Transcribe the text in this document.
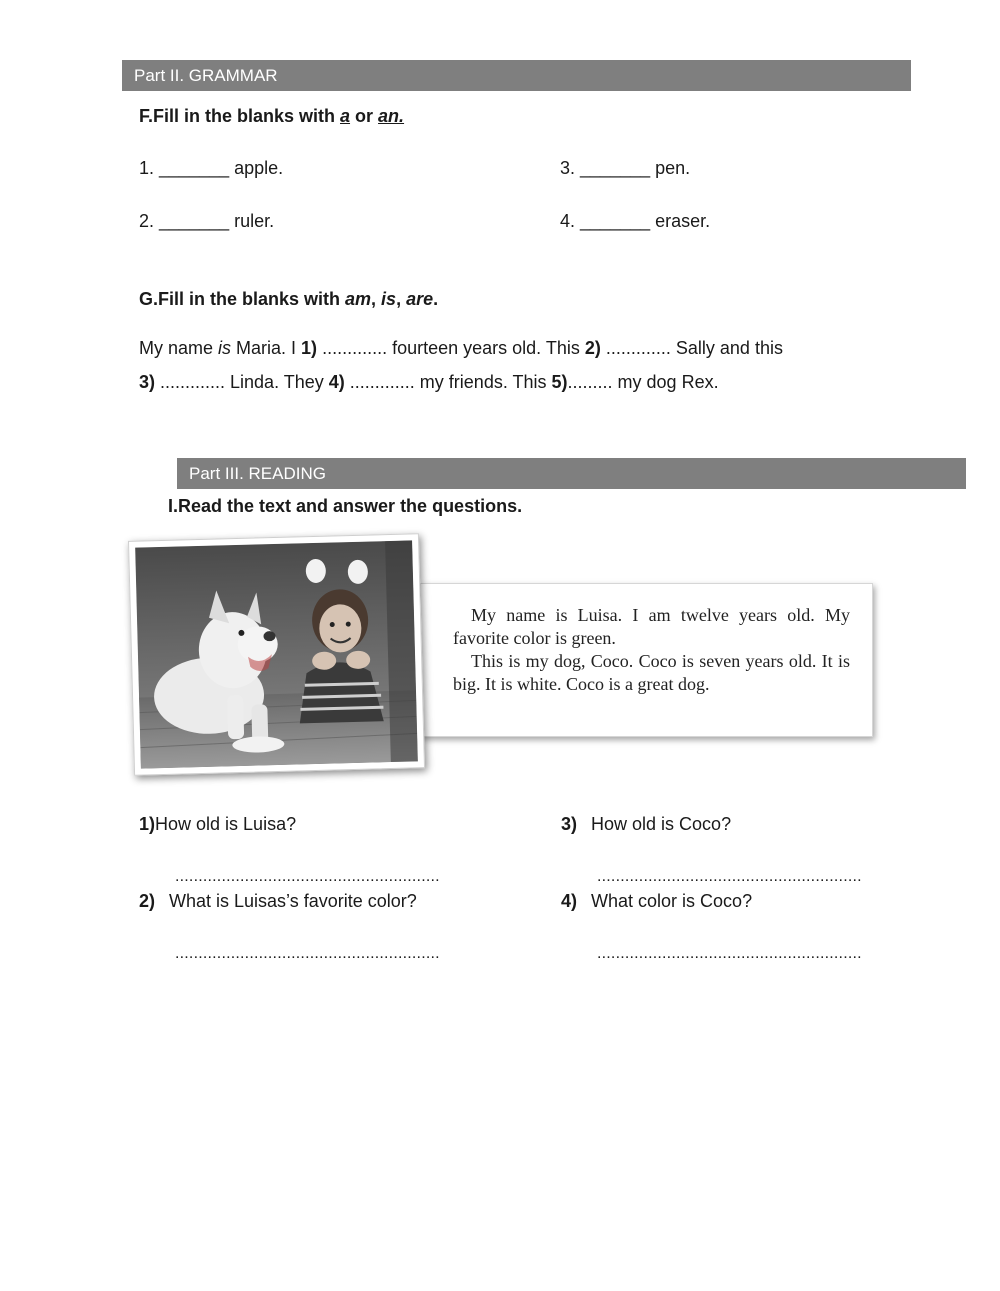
Part II. GRAMMAR
F.Fill in the blanks with a or an.
1. _______ apple.
2. _______ ruler.
3. _______ pen.
4. _______ eraser.
G.Fill in the blanks with am, is, are.
My name is Maria. I 1) ............. fourteen years old. This 2) ............. Sally and this
3) ............. Linda. They 4) ............. my friends. This 5)......... my dog Rex.
Part III. READING
I.Read the text and answer the questions.

My name is Luisa. I am twelve years old. My favorite color is green.

This is my dog, Coco. Coco is seven years old. It is big. It is white. Coco is a great dog.

1)How old is Luisa?
.........................................................
2) What is Luisas’s favorite color?
.........................................................
3) How old is Coco?
.........................................................
4) What color is Coco?
.........................................................
